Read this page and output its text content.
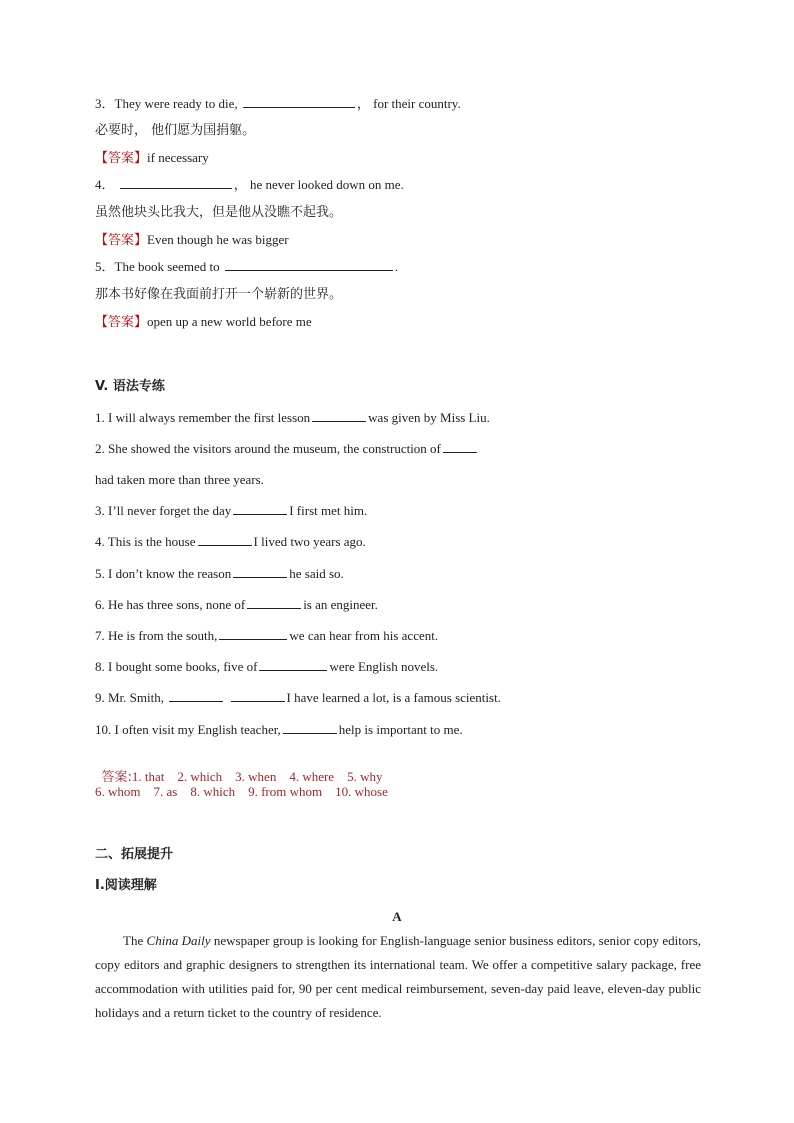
3．They were ready to die,	， for their country.
必要时， 他们愿为国捐躯。
【答案】if necessary
4．	， he never looked down on me.
虽然他块头比我大，但是他从没瞧不起我。
【答案】Even though he was bigger
5．The book seemed to	.
那本书好像在我面前打开一个崭新的世界。
【答案】open up a new world before me
V. 语法专练
1. I will always remember the first lesson	was given by Miss Liu.
2. She showed the visitors around the museum, the construction of
had taken more than three years.
3. I’ll never forget the day	I first met him.
4. This is the house	I lived two years ago.
5. I don’t know the reason	he said so.
6. He has three sons, none of	is an engineer.
7. He is from the south,	we can hear from his accent.
8. I bought some books, five of	were English novels.
9. Mr. Smith,	I have learned a lot, is a famous scientist.
10. I often visit my English teacher,	help is important to me.

答案:1. that    2. which    3. when    4. where    5. why

6. whom    7. as    8. which    9. from whom    10. whose
二、拓展提升
I.阅读理解
A
The China Daily newspaper group is looking for English-language senior business editors, senior copy editors, copy editors and graphic designers to strengthen its international team. We offer a competitive salary package, free accommodation with utilities paid for, 90 per cent medical reimbursement, seven-day paid leave, eleven-day public holidays and a return ticket to the country of residence.
